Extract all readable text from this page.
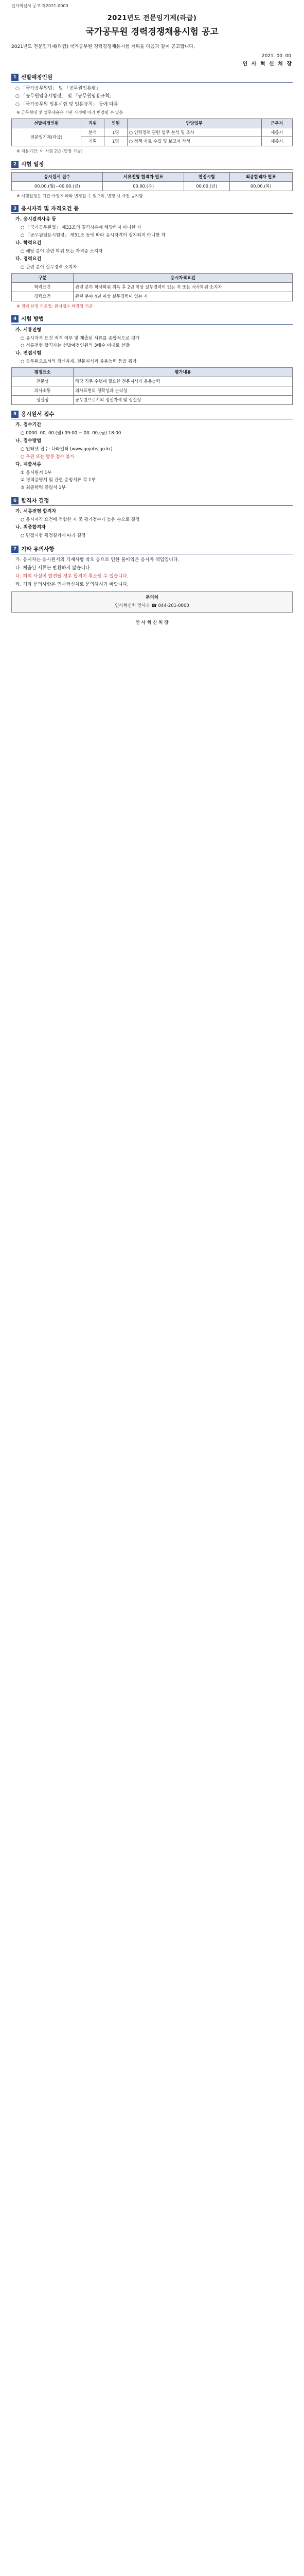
인사혁신처 공고 제2021-0000
2021년도 전문임기제(라급)
국가공무원 경력경쟁채용시험 공고
2021년도 전문임기제(라급) 국가공무원 경력경쟁채용시험 계획을 다음과 같이 공고합니다.
2021. 00. 00.
인 사 혁 신 처 장
1 선발예정인원
○ 「국가공무원법」 및 「공무원임용령」
○ 「공무원임용시험령」 및 「공무원임용규칙」
○ 「국가공무원 임용시험 및 임용규칙」 등에 따름
※ 근무형태 및 업무내용은 기관 사정에 따라 변경될 수 있음
선발예정인원	직위	인원	담당업무	근무지
전문임기제(라급)	분석	1명	○ 인력정책 관련 업무 분석 및 조사	세종시
	기획	1명	○ 정책 자료 수집 및 보고서 작성	세종시
※ 채용기간: 이 시험 2년 (연장 가능)
2 시험 일정
응시원서 접수	서류전형 합격자 발표	면접시험	최종합격자 발표
00.00.(월)~00.00.(금)	00.00.(수)	00.00.(금)	00.00.(목)
※ 시험일정은 기관 사정에 따라 변경될 수 있으며, 변경 시 사전 공지함
3 응시자격 및 자격요건 등
가. 응시결격사유 등
○ 「국가공무원법」 제33조의 결격사유에 해당하지 아니한 자
○ 「공무원임용시험령」 제51조 등에 따라 응시자격이 정지되지 아니한 자
나. 학력요건
○ 해당 분야 관련 학위 또는 자격증 소지자
다. 경력요건
○ 관련 분야 실무경력 소지자
구분	응시자격요건
학력요건	관련 분야 학사학위 취득 후 2년 이상 실무경력이 있는 자 또는 석사학위 소지자
경력요건	관련 분야 4년 이상 실무경력이 있는 자
※ 경력 산정 기준일: 원서접수 마감일 기준
4 시험 방법
가. 서류전형
○ 응시자격 요건 적격 여부 및 제출된 서류를 종합적으로 평가
○ 서류전형 합격자는 선발예정인원의 3배수 이내로 선발
나. 면접시험
○ 공무원으로서의 정신자세, 전문지식과 응용능력 등을 평가
평정요소	평가내용
전문성	해당 직무 수행에 필요한 전문지식과 응용능력
의사소통	의사표현의 정확성과 논리성
성실성	공무원으로서의 정신자세 및 성실성
5 응시원서 접수
가. 접수기간
○ 0000. 00. 00.(월) 09:00 ~ 00. 00.(금) 18:00
나. 접수방법
○ 인터넷 접수: 나라일터 (www.gojobs.go.kr)
○ 우편 또는 방문 접수 불가
다. 제출서류
① 응시원서 1부
② 경력증명서 및 관련 증빙서류 각 1부
③ 최종학력 증명서 1부
6 합격자 결정
가. 서류전형 합격자
○ 응시자격 요건에 적합한 자 중 평가점수가 높은 순으로 결정
나. 최종합격자
○ 면접시험 평정결과에 따라 결정
7 기타 유의사항
가. 응시자는 응시원서의 기재사항 착오 등으로 인한 불이익은 응시자 책임입니다.
나. 제출된 서류는 반환하지 않습니다.
다. 허위 사실이 발견될 경우 합격이 취소될 수 있습니다.
라. 기타 문의사항은 인사혁신처로 문의하시기 바랍니다.
문의처
인사혁신처 인사과 ☎ 044-201-0000
인 사 혁 신 처 장
